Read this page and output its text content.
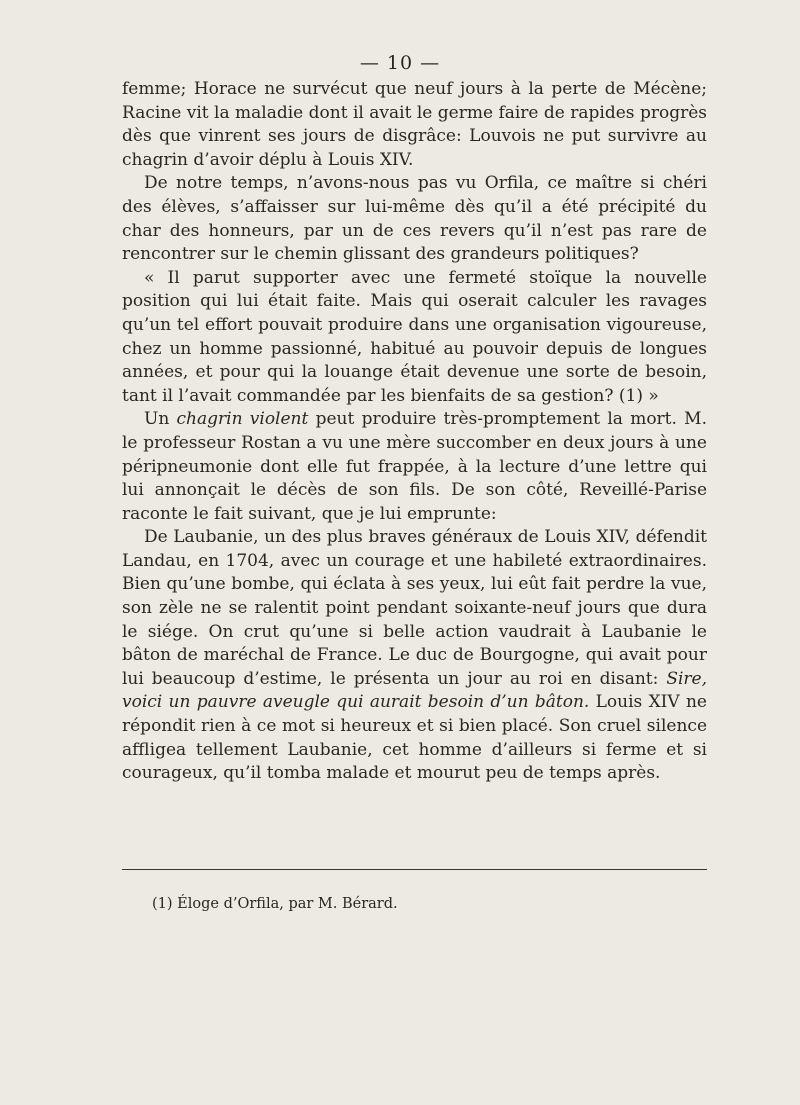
— 10 —

femme; Horace ne survécut que neuf jours à la perte de Mécène; Racine vit la maladie dont il avait le germe faire de rapides progrès dès que vinrent ses jours de disgrâce: Louvois ne put survivre au chagrin d’avoir déplu à Louis XIV.

De notre temps, n’avons-nous pas vu Orfila, ce maître si chéri des élèves, s’affaisser sur lui-même dès qu’il a été précipité du char des honneurs, par un de ces revers qu’il n’est pas rare de rencontrer sur le chemin glissant des grandeurs politiques?

« Il parut supporter avec une fermeté stoïque la nouvelle position qui lui était faite. Mais qui oserait calculer les ravages qu’un tel effort pouvait produire dans une organisation vigoureuse, chez un homme passionné, habitué au pouvoir depuis de longues années, et pour qui la louange était devenue une sorte de besoin, tant il l’avait commandée par les bienfaits de sa gestion? (1) »

Un chagrin violent peut produire très-promptement la mort. M. le professeur Rostan a vu une mère succomber en deux jours à une péripneumonie dont elle fut frappée, à la lecture d’une lettre qui lui annonçait le décès de son fils. De son côté, Reveillé-Parise raconte le fait suivant, que je lui emprunte:

De Laubanie, un des plus braves généraux de Louis XIV, défendit Landau, en 1704, avec un courage et une habileté extraordinaires. Bien qu’une bombe, qui éclata à ses yeux, lui eût fait perdre la vue, son zèle ne se ralentit point pendant soixante-neuf jours que dura le siége. On crut qu’une si belle action vaudrait à Laubanie le bâton de maréchal de France. Le duc de Bourgogne, qui avait pour lui beaucoup d’estime, le présenta un jour au roi en disant: Sire, voici un pauvre aveugle qui aurait besoin d’un bâton. Louis XIV ne répondit rien à ce mot si heureux et si bien placé. Son cruel silence affligea tellement Laubanie, cet homme d’ailleurs si ferme et si courageux, qu’il tomba malade et mourut peu de temps après.

(1) Éloge d’Orfila, par M. Bérard.
